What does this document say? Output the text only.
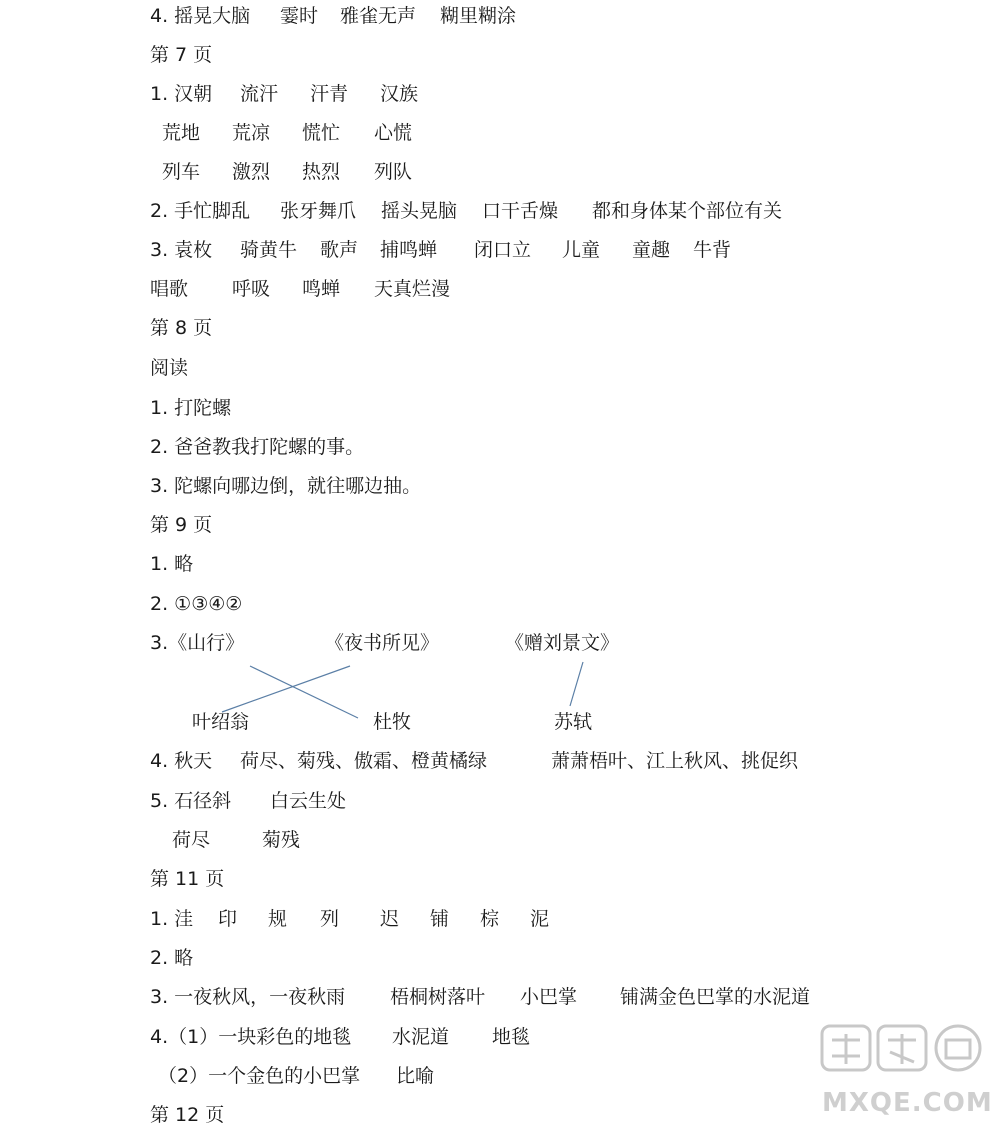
4. 摇晃大脑 霎时 雅雀无声 糊里糊涂
第 7 页
1. 汉朝 流汗 汗青 汉族
荒地 荒凉 慌忙 心慌
列车 激烈 热烈 列队
2. 手忙脚乱 张牙舞爪 摇头晃脑 口干舌燥 都和身体某个部位有关
3. 袁枚 骑黄牛 歌声 捕鸣蝉 闭口立 儿童 童趣 牛背
唱歌 呼吸 鸣蝉 天真烂漫
第 8 页
阅读
1. 打陀螺
2. 爸爸教我打陀螺的事。
3. 陀螺向哪边倒，就往哪边抽。
第 9 页
1. 略
2. ①③④②
3.《山行》	《夜书所见》	《赠刘景文》
叶绍翁	杜牧	苏轼
4. 秋天 荷尽、菊残、傲霜、橙黄橘绿	萧萧梧叶、江上秋风、挑促织
5. 石径斜 白云生处
荷尽	菊残
第 11 页
1. 洼 印 规 列 迟 铺 棕 泥
2. 略
3. 一夜秋风，一夜秋雨 梧桐树落叶 小巴掌 铺满金色巴掌的水泥道
4.（1）一块彩色的地毯 水泥道 地毯
（2）一个金色的小巴掌 比喻
第 12 页	MXQE.COM
